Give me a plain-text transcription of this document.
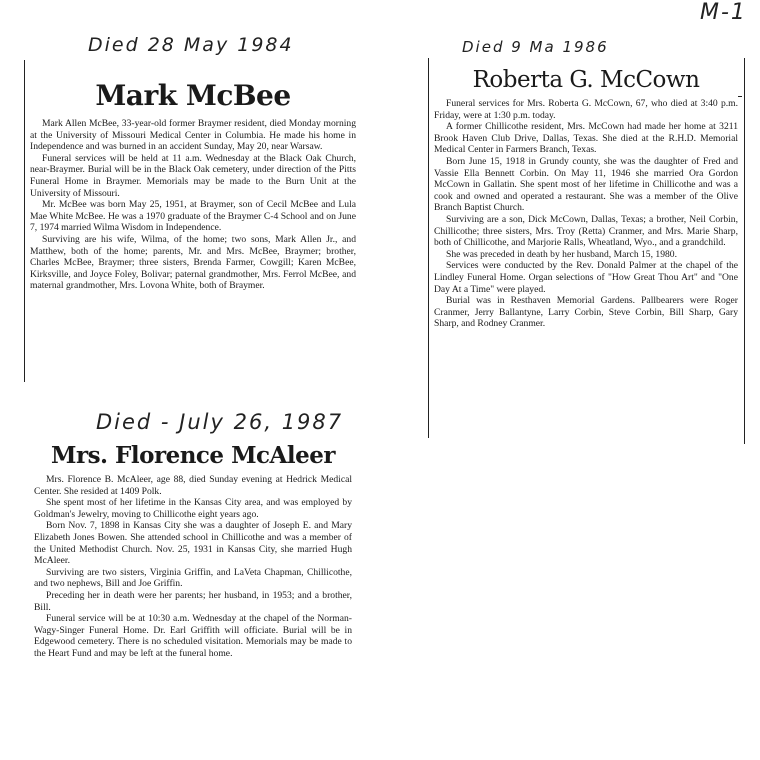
M-1
Died 28 May 1984
Mark McBee

Mark Allen McBee, 33-year-old former Braymer resident, died Monday morning at the University of Missouri Medical Center in Columbia. He made his home in Independence and was burned in an accident Sunday, May 20, near Warsaw.

Funeral services will be held at 11 a.m. Wednesday at the Black Oak Church, near-Braymer. Burial will be in the Black Oak cemetery, under direction of the Pitts Funeral Home in Braymer. Memorials may be made to the Burn Unit at the University of Missouri.

Mr. McBee was born May 25, 1951, at Braymer, son of Cecil McBee and Lula Mae White McBee. He was a 1970 graduate of the Braymer C-4 School and on June 7, 1974 married Wilma Wisdom in Independence.

Surviving are his wife, Wilma, of the home; two sons, Mark Allen Jr., and Matthew, both of the home; parents, Mr. and Mrs. McBee, Braymer; brother, Charles McBee, Braymer; three sisters, Brenda Farmer, Cowgill; Karen McBee, Kirksville, and Joyce Foley, Bolivar; paternal grandmother, Mrs. Ferrol McBee, and maternal grandmother, Mrs. Lovona White, both of Braymer.

Died 9 Ma 1986
Roberta G. McCown

Funeral services for Mrs. Roberta G. McCown, 67, who died at 3:40 p.m. Friday, were at 1:30 p.m. today.

A former Chillicothe resident, Mrs. McCown had made her home at 3211 Brook Haven Club Drive, Dallas, Texas. She died at the R.H.D. Memorial Medical Center in Farmers Branch, Texas.

Born June 15, 1918 in Grundy county, she was the daughter of Fred and Vassie Ella Bennett Corbin. On May 11, 1946 she married Ora Gordon McCown in Gallatin. She spent most of her lifetime in Chillicothe and was a cook and owned and operated a restaurant. She was a member of the Olive Branch Baptist Church.

Surviving are a son, Dick McCown, Dallas, Texas; a brother, Neil Corbin, Chillicothe; three sisters, Mrs. Troy (Retta) Cranmer, and Mrs. Marie Sharp, both of Chillicothe, and Marjorie Ralls, Wheatland, Wyo., and a grandchild.

She was preceded in death by her husband, March 15, 1980.

Services were conducted by the Rev. Donald Palmer at the chapel of the Lindley Funeral Home. Organ selections of "How Great Thou Art" and "One Day At a Time" were played.

Burial was in Resthaven Memorial Gardens. Pallbearers were Roger Cranmer, Jerry Ballantyne, Larry Corbin, Steve Corbin, Bill Sharp, Gary Sharp, and Rodney Cranmer.

Died - July 26, 1987
Mrs. Florence McAleer

Mrs. Florence B. McAleer, age 88, died Sunday evening at Hedrick Medical Center. She resided at 1409 Polk.

She spent most of her lifetime in the Kansas City area, and was employed by Goldman's Jewelry, moving to Chillicothe eight years ago.

Born Nov. 7, 1898 in Kansas City she was a daughter of Joseph E. and Mary Elizabeth Jones Bowen. She attended school in Chillicothe and was a member of the United Methodist Church. Nov. 25, 1931 in Kansas City, she married Hugh McAleer.

Surviving are two sisters, Virginia Griffin, and LaVeta Chapman, Chillicothe, and two nephews, Bill and Joe Griffin.

Preceding her in death were her parents; her husband, in 1953; and a brother, Bill.

Funeral service will be at 10:30 a.m. Wednesday at the chapel of the Norman-Wagy-Singer Funeral Home. Dr. Earl Griffith will officiate. Burial will be in Edgewood cemetery. There is no scheduled visitation. Memorials may be made to the Heart Fund and may be left at the funeral home.
